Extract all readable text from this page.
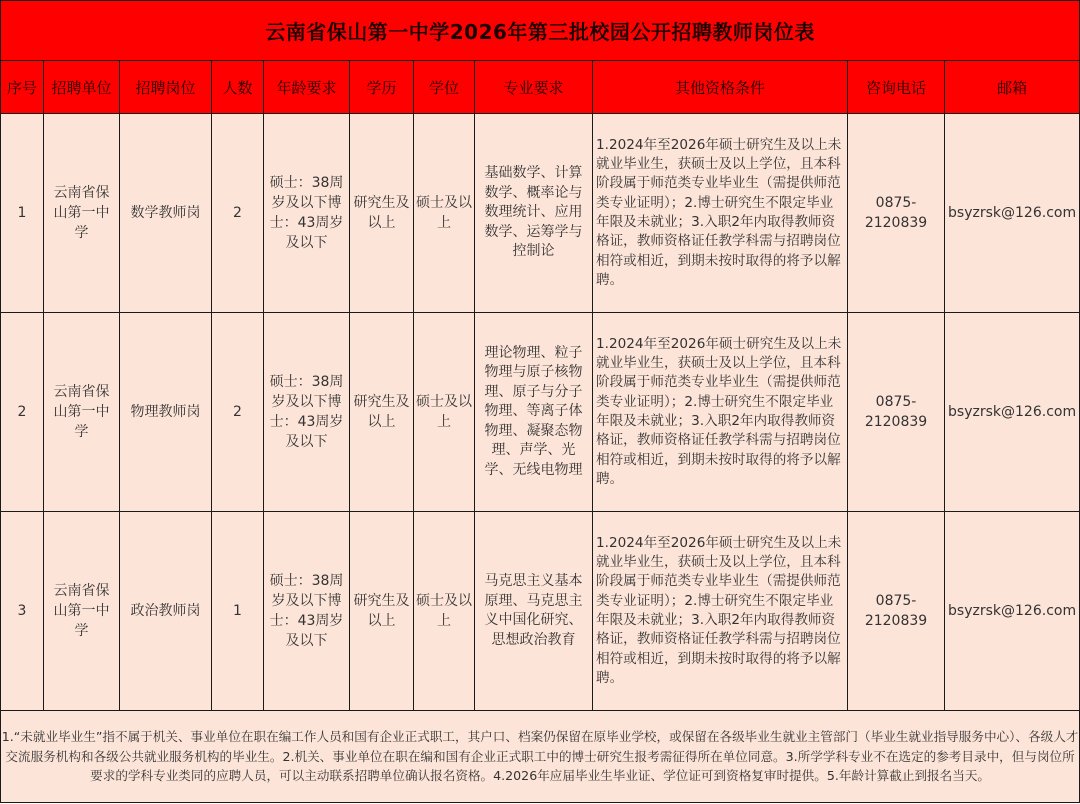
云南省保山第一中学2026年第三批校园公开招聘教师岗位表										
序号	招聘单位	招聘岗位	人数	年龄要求	学历	学位	专业要求	其他资格条件	咨询电话	邮箱
1	云南省保山第一中学	数学教师岗	2	硕士：38周岁及以下博士：43周岁及以下	研究生及以上	硕士及以上	基础数学、计算数学、概率论与数理统计、应用数学、运筹学与控制论	1.2024年至2026年硕士研究生及以上未就业毕业生，获硕士及以上学位，且本科阶段属于师范类专业毕业生（需提供师范类专业证明）；2.博士研究生不限定毕业年限及未就业；3.入职2年内取得教师资格证，教师资格证任教学科需与招聘岗位相符或相近，到期未按时取得的将予以解聘。	0875-2120839	bsyzrsk@126.com
2	云南省保山第一中学	物理教师岗	2	硕士：38周岁及以下博士：43周岁及以下	研究生及以上	硕士及以上	理论物理、粒子物理与原子核物理、原子与分子物理、等离子体物理、凝聚态物理、声学、光学、无线电物理	1.2024年至2026年硕士研究生及以上未就业毕业生，获硕士及以上学位，且本科阶段属于师范类专业毕业生（需提供师范类专业证明）；2.博士研究生不限定毕业年限及未就业；3.入职2年内取得教师资格证，教师资格证任教学科需与招聘岗位相符或相近，到期未按时取得的将予以解聘。	0875-2120839	bsyzrsk@126.com
3	云南省保山第一中学	政治教师岗	1	硕士：38周岁及以下博士：43周岁及以下	研究生及以上	硕士及以上	马克思主义基本原理、马克思主义中国化研究、思想政治教育	1.2024年至2026年硕士研究生及以上未就业毕业生，获硕士及以上学位，且本科阶段属于师范类专业毕业生（需提供师范类专业证明）；2.博士研究生不限定毕业年限及未就业；3.入职2年内取得教师资格证，教师资格证任教学科需与招聘岗位相符或相近，到期未按时取得的将予以解聘。	0875-2120839	bsyzrsk@126.com
1.“未就业毕业生”指不属于机关、事业单位在职在编工作人员和国有企业正式职工，其户口、档案仍保留在原毕业学校，或保留在各级毕业生就业主管部门（毕业生就业指导服务中心）、各级人才交流服务机构和各级公共就业服务机构的毕业生。2.机关、事业单位在职在编和国有企业正式职工中的博士研究生报考需征得所在单位同意。3.所学学科专业不在选定的参考目录中，但与岗位所要求的学科专业类同的应聘人员，可以主动联系招聘单位确认报名资格。4.2026年应届毕业生毕业证、学位证可到资格复审时提供。5.年龄计算截止到报名当天。										
